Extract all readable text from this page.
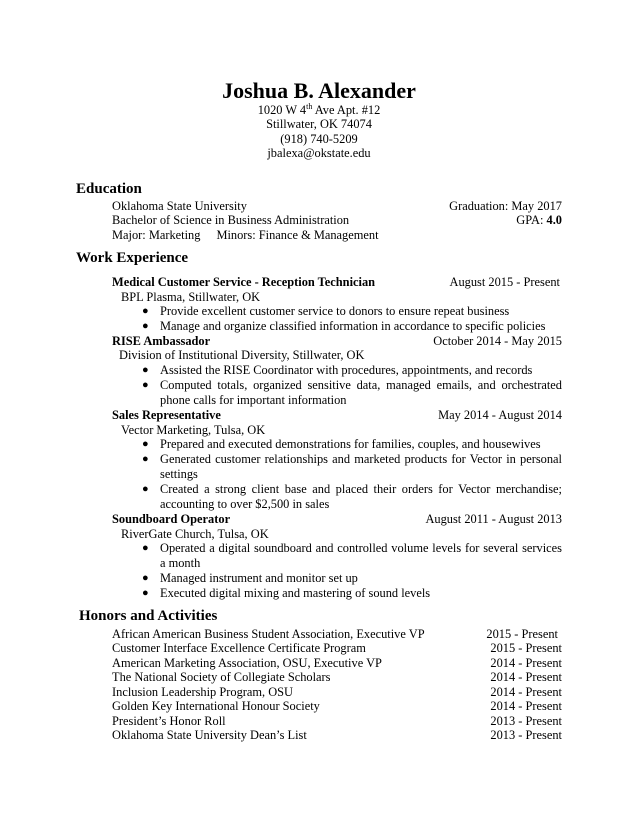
Joshua B. Alexander
1020 W 4th Ave Apt. #12
Stillwater, OK 74074
(918) 740-5209
jbalexa@okstate.edu
Education
Oklahoma State University	Graduation: May 2017
Bachelor of Science in Business Administration	GPA: 4.0
Major: Marketing Minors: Finance & Management
Work Experience
Medical Customer Service - Reception Technician	August 2015 - Present
BPL Plasma, Stillwater, OK
● Provide excellent customer service to donors to ensure repeat business
● Manage and organize classified information in accordance to specific policies
RISE Ambassador	October 2014 - May 2015
Division of Institutional Diversity, Stillwater, OK
● Assisted the RISE Coordinator with procedures, appointments, and records
● Computed totals, organized sensitive data, managed emails, and orchestrated phone calls for important information
Sales Representative	May 2014 - August 2014
Vector Marketing, Tulsa, OK
● Prepared and executed demonstrations for families, couples, and housewives
● Generated customer relationships and marketed products for Vector in personal settings
● Created a strong client base and placed their orders for Vector merchandise; accounting to over $2,500 in sales
Soundboard Operator	August 2011 - August 2013
RiverGate Church, Tulsa, OK
● Operated a digital soundboard and controlled volume levels for several services a month
● Managed instrument and monitor set up
● Executed digital mixing and mastering of sound levels
Honors and Activities
African American Business Student Association, Executive VP	2015 - Present
Customer Interface Excellence Certificate Program	2015 - Present
American Marketing Association, OSU, Executive VP	2014 - Present
The National Society of Collegiate Scholars	2014 - Present
Inclusion Leadership Program, OSU	2014 - Present
Golden Key International Honour Society	2014 - Present
President’s Honor Roll	2013 - Present
Oklahoma State University Dean’s List	2013 - Present
